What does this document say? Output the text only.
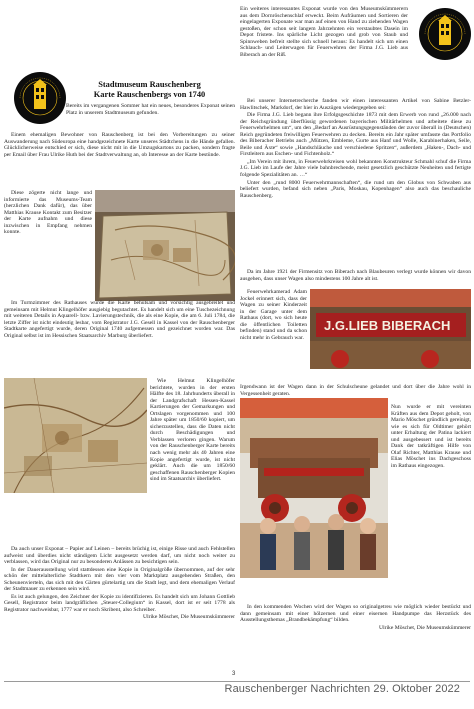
Stadtmuseum Rauschenberg
Karte Rauschenbergs von 1740

Bereits im vergangenen Sommer hat ein neues, besonderes Exponat seinen Platz in unserem Stadtmuseum gefunden.

Einem ehemaligen Bewohner von Rauschenberg ist bei den Vorbereitungen zu seiner Auswanderung nach Südeuropa eine handgezeichnete Karte unseres Städtchens in die Hände gefallen. Glücklicherweise entschied er sich, diese nicht mit in die Umzugskartons zu packen, sondern fragte per Email über Frau Ulrike Huth bei der Stadtverwaltung an, ob Interesse an der Karte bestünde.

Diese zögerte nicht lange und informierte das Museums-Team (herzlichen Dank dafür), das über Matthias Krause Kontakt zum Besitzer der Karte aufnahm und diese inzwischen in Empfang nehmen konnte.

Im Turmzimmer des Rathauses wurde die Karte behutsam und vorsichtig ausgebreitet und gemeinsam mit Helmut Klingelhöfer ausgiebig begutachtet. Es handelt sich um eine Tuschezeichnung mit weiteren Details in Aquarell- bzw. Lavierungstechnik, die als eine Kopie, die am 6. Juli 1784, die letzte Ziffer ist nicht eindeutig lesbar, vom Registrator J.G. Gesell in Kassel von der Rauschenberger Stadtkarte angefertigt wurde, deren Original 1740 aufgemessen und gezeichnet worden war. Das Original selbst ist im Hessischen Staatsarchiv Marburg überliefert.

Wie Helmut Klingelhöfer berichtete, wurden in der ersten Hälfte des 18. Jahrhunderts überall in der Landgrafschaft Hessen-Kassel Kartierungen der Gemarkungen und Ortslagen vorgenommen und 100 Jahre später um 1850/60 kopiert, um sicherzustellen, dass die Daten nicht durch Beschädigungen und Verblassen verloren gingen. Warum von der Rauschenberger Karte bereits nach wenig mehr als 40 Jahren eine Kopie angefertigt wurde, ist nicht geklärt. Auch die um 1850/60 geschaffenen Rauschenberger Kopien sind im Staatsarchiv überliefert.

Da auch unser Exponat – Papier auf Leinen – bereits brüchig ist, einige Risse und auch Fehlstellen aufweist und überdies nicht ständigem Licht ausgesetzt werden darf, um nicht noch weiter zu verblassen, wird das Original nur zu besonderen Anlässen zu besichtigen sein.

In der Dauerausstellung wird stattdessen eine Kopie in Originalgröße übernommen, auf der sehr schön der mittelalterliche Stadtkern mit den vier vom Marktplatz ausgehenden Straßen, den Scheunenvierteln, das sich mit den Gärten gürtelartig um die Stadt legt, und dem ehemaligen Verlauf der Stadtmauer zu erkennen sein wird.

Es ist auch gelungen, den Zeichner der Kopie zu identifizieren. Es handelt sich um Johann Gottlieb Gesell, Registrator beim landgräflichen „Steuer-Collegium“ in Kassel, dort ist er seit 1778 als Registrator nachweisbar, 1777 war er noch Skribent, also Schreiber.

Ulrike Möschet, Die Museumskümmerer

Ein weiteres interessantes Exponat wurde von den Museumskümmerern aus dem Dornröschenschlaf erweckt. Beim Aufräumen und Sortieren der eingelagerten Exponate war man auf einen von Hand zu ziehenden Wagen gestoßen, der schon seit langem Jahrzehnten ein verstaubtes Dasein im Depot fristete. Ins spärliche Licht gezogen und grob von Staub und Spinnweben befreit stellte sich schnell heraus: Es handelt sich um einen Schlauch- und Leiterwagen für Feuerwehren der Firma J.G. Lieb aus Biberach an der Riß.

Bei unserer Internetrecherche fanden wir einen interessanten Artikel von Sabine Betzler-Hawlitschek, Markdorf, der hier in Auszügen wiedergegeben sei:

Die Firma J.G. Lieb begann ihre Erfolgsgeschichte 1873 mit dem Erwerb von rund „26.000 nach der Reichsgründung überflüssig gewordenen bayerischen Militärhelmen und arbeitete diese zu Feuerwehrhelmen um“, um den „Bedarf an Ausrüstungsgegenständen der zuvor überall in (Deutschen) Reich gegründeten freiwilligen Feuerwehren zu decken. Bereits ein Jahr später umfasste das Portfolio des Biberacher Betriebs auch „Mützen, Embleme, Gurte aus Hanf und Wolle, Karabinerhaken, Seile, Beile und Äxte“ sowie „Handschläuche und verschiedene Spritzen“, außerdem „Haken-, Dach- und Firstleitern aus Eschen- und Fichtenholz.“

„Im Verein mit ihrem, in Feuerwehrkreisen wohl bekannten Konstrukteur Schmahl schuf die Firma J.G. Lieb im Laufe der Jahre viele bahnbrechende, meist gesetzlich geschützte Neuheiten und fertigte folgende Spezialitäten an. …“

Unter den „rund 8000 Feuerwehrmannschaften“, die rund um den Globus von Schwaben aus beliefert wurden, befand sich neben „Paris, Moskau, Kopenhagen“ also auch das beschauliche Rauschenberg.

Da im Jahre 1921 der Firmensitz von Biberach nach Blaubeuren verlegt wurde können wir davon ausgehen, dass unser Wagen also mindestens 100 Jahre alt ist.

J.G.LIEB BIBERACH

Feuerwehrkamerad Adam Jockel erinnert sich, dass der Wagen zu seiner Kinderzeit in der Garage unter dem Rathaus (dort, wo sich heute die öffentlichen Toiletten befinden) stand und da schon nicht mehr in Gebrauch war.

Irgendwann ist der Wagen dann in der Schulscheune gelandet und dort über die Jahre wohl in Vergessenheit geraten.

Nun wurde er mit vereinten Kräften aus dem Depot geholt, von Mario Möschet gründlich gereinigt, wie es sich für Oldtimer gehört unter Erhaltung der Patina lackiert und ausgebessert und ist bereits Dank der tatkräftigen Hilfe von Olaf Richter, Matthias Krause und Elias Möschet ins Dachgeschoss im Rathaus eingezogen.

In den kommenden Wochen wird der Wagen so originalgetreu wie möglich wieder bestückt und dann gemeinsam mit einer hölzernen und einer eisernen Handpumpe das Herzstück des Ausstellungsthemas „Brandbekämpfung“ bilden.

Ulrike Möschet, Die Museumskümmerer

3
Rauschenberger Nachrichten 29. Oktober 2022
